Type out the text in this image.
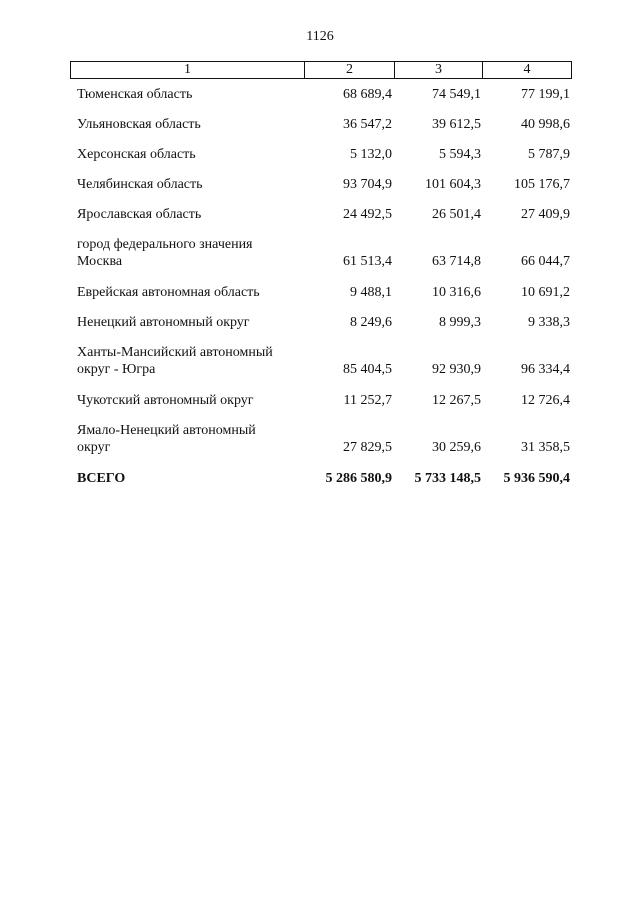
1126
1	2	3	4
Тюменская область	68 689,4	74 549,1	77 199,1
Ульяновская область	36 547,2	39 612,5	40 998,6
Херсонская область	5 132,0	5 594,3	5 787,9
Челябинская область	93 704,9	101 604,3	105 176,7
Ярославская область	24 492,5	26 501,4	27 409,9
город федерального значения
Москва	61 513,4	63 714,8	66 044,7
Еврейская автономная область	9 488,1	10 316,6	10 691,2
Ненецкий автономный округ	8 249,6	8 999,3	9 338,3
Ханты-Мансийский автономный
округ - Югра	85 404,5	92 930,9	96 334,4
Чукотский автономный округ	11 252,7	12 267,5	12 726,4
Ямало-Ненецкий автономный
округ	27 829,5	30 259,6	31 358,5
ВСЕГО	5 286 580,9	5 733 148,5	5 936 590,4
